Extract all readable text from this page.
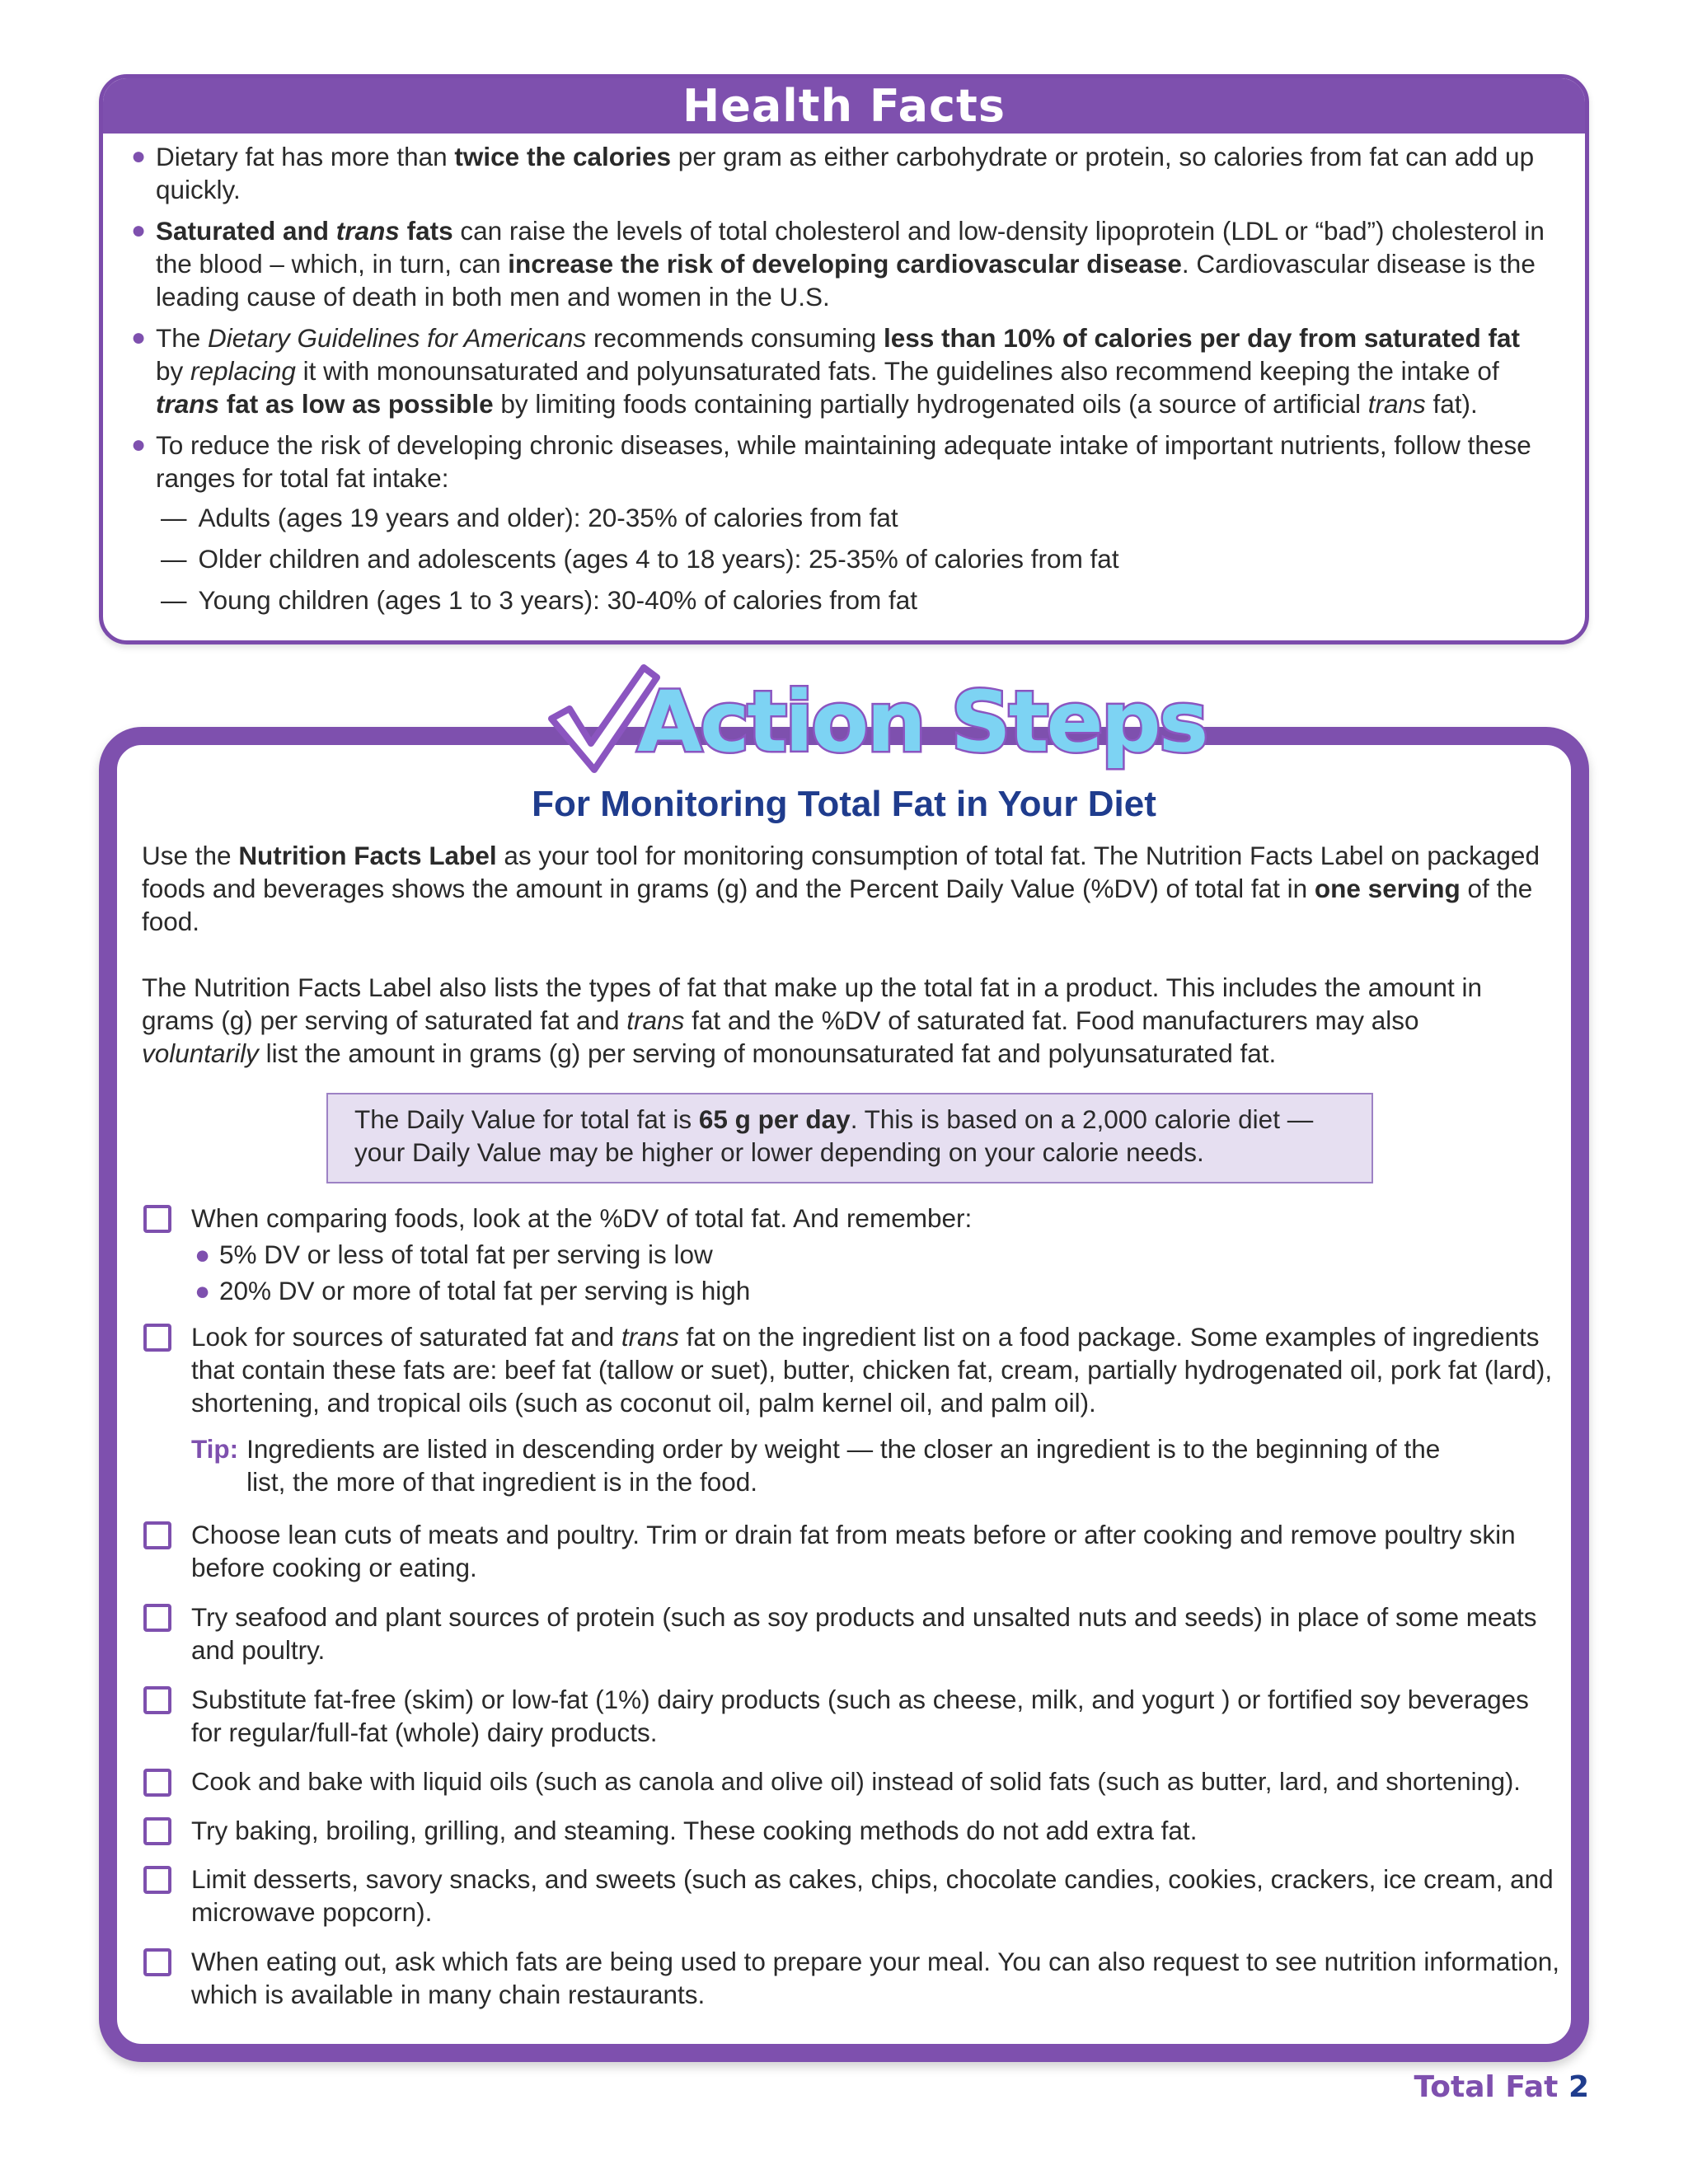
Health Facts
● Dietary fat has more than twice the calories per gram as either carbohydrate or protein, so calories from fat can add up quickly.
● Saturated and trans fats can raise the levels of total cholesterol and low-density lipoprotein (LDL or “bad”) cholesterol in the blood – which, in turn, can increase the risk of developing cardiovascular disease. Cardiovascular disease is the leading cause of death in both men and women in the U.S.
● The Dietary Guidelines for Americans recommends consuming less than 10% of calories per day from saturated fat by replacing it with monounsaturated and polyunsaturated fats. The guidelines also recommend keeping the intake of trans fat as low as possible by limiting foods containing partially hydrogenated oils (a source of artificial trans fat).
● To reduce the risk of developing chronic diseases, while maintaining adequate intake of important nutrients, follow these ranges for total fat intake:
— Adults (ages 19 years and older): 20-35% of calories from fat
— Older children and adolescents (ages 4 to 18 years): 25-35% of calories from fat
— Young children (ages 1 to 3 years): 30-40% of calories from fat
Action Steps
For Monitoring Total Fat in Your Diet

Use the Nutrition Facts Label as your tool for monitoring consumption of total fat. The Nutrition Facts Label on packaged foods and beverages shows the amount in grams (g) and the Percent Daily Value (%DV) of total fat in one serving of the food.

The Nutrition Facts Label also lists the types of fat that make up the total fat in a product. This includes the amount in grams (g) per serving of saturated fat and trans fat and the %DV of saturated fat. Food manufacturers may also voluntarily list the amount in grams (g) per serving of monounsaturated fat and polyunsaturated fat.

The Daily Value for total fat is 65 g per day. This is based on a 2,000 calorie diet — your Daily Value may be higher or lower depending on your calorie needs.
When comparing foods, look at the %DV of total fat. And remember:
● 5% DV or less of total fat per serving is low
● 20% DV or more of total fat per serving is high
Look for sources of saturated fat and trans fat on the ingredient list on a food package. Some examples of ingredients that contain these fats are: beef fat (tallow or suet), butter, chicken fat, cream, partially hydrogenated oil, pork fat (lard), shortening, and tropical oils (such as coconut oil, palm kernel oil, and palm oil).
Tip: Ingredients are listed in descending order by weight — the closer an ingredient is to the beginning of the list, the more of that ingredient is in the food.
Choose lean cuts of meats and poultry. Trim or drain fat from meats before or after cooking and remove poultry skin before cooking or eating.
Try seafood and plant sources of protein (such as soy products and unsalted nuts and seeds) in place of some meats and poultry.
Substitute fat-free (skim) or low-fat (1%) dairy products (such as cheese, milk, and yogurt ) or fortified soy beverages for regular/full-fat (whole) dairy products.
Cook and bake with liquid oils (such as canola and olive oil) instead of solid fats (such as butter, lard, and shortening).
Try baking, broiling, grilling, and steaming. These cooking methods do not add extra fat.
Limit desserts, savory snacks, and sweets (such as cakes, chips, chocolate candies, cookies, crackers, ice cream, and microwave popcorn).
When eating out, ask which fats are being used to prepare your meal. You can also request to see nutrition information, which is available in many chain restaurants.
Total Fat 2
